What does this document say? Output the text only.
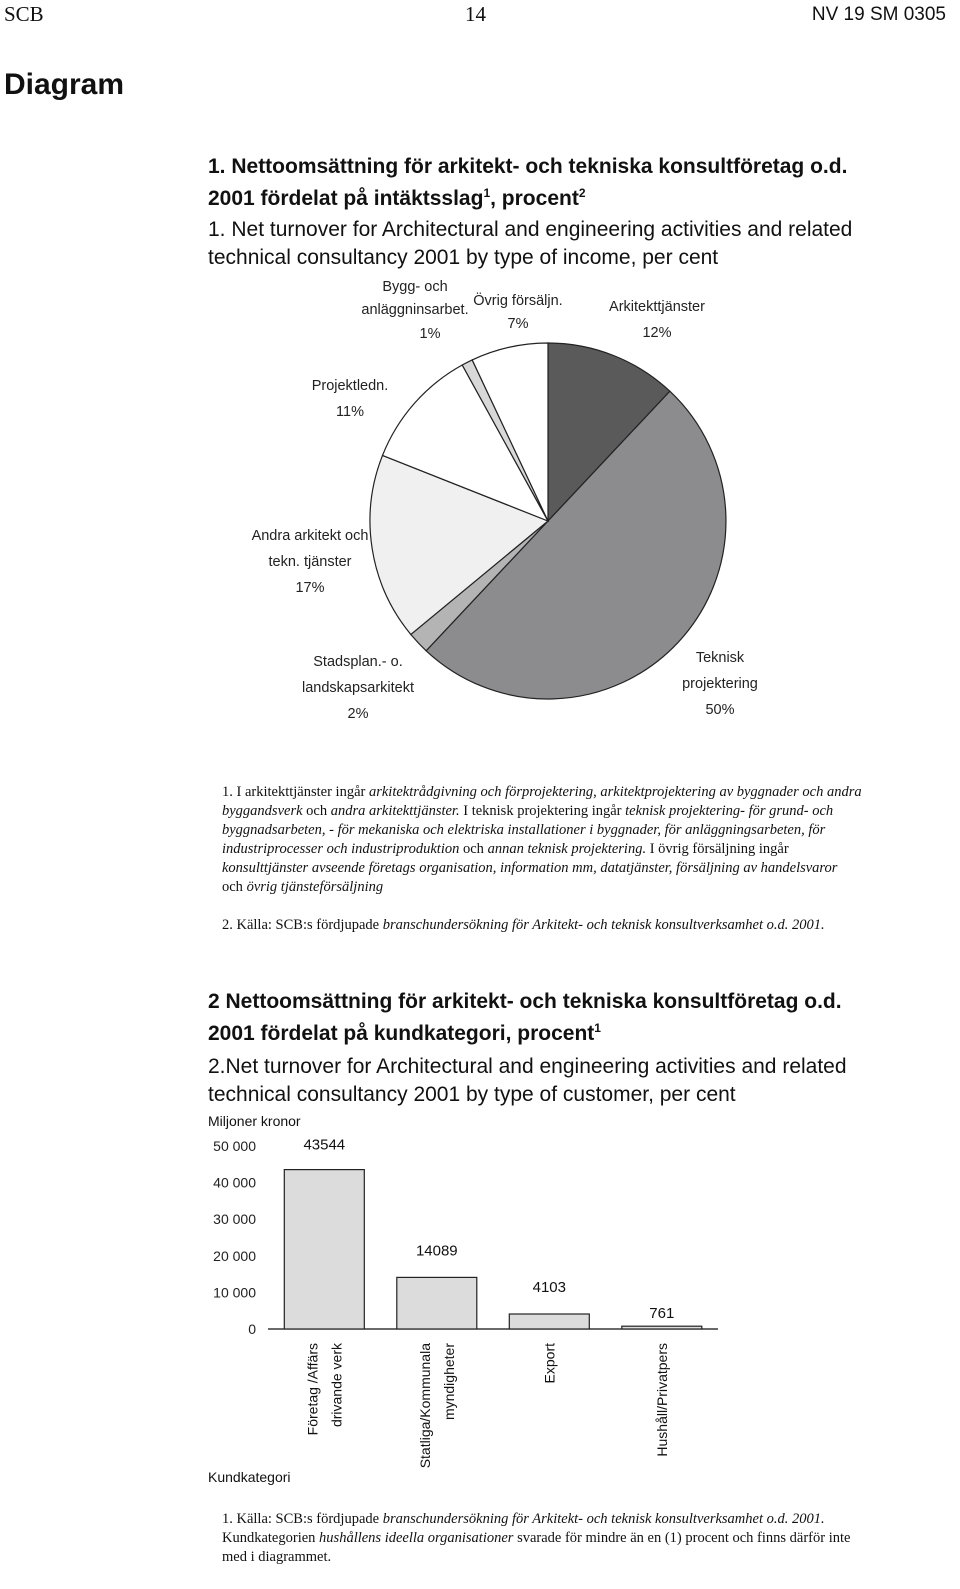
SCB	14	NV 19 SM 0305
Diagram
1. Nettoomsättning för arkitekt- och tekniska konsultföretag o.d.
2001 fördelat på intäktsslag$^1$, procent$^2$
1. Net turnover for Architectural and engineering activities and related
technical consultancy 2001 by type of income, per cent
Bygg- och
anläggninsarbet.
1%
Övrig försäljn.
7%
Arkitekttjänster
12%
Projektledn.
11%
Andra arkitekt och
tekn. tjänster
17%
Stadsplan.- o.
landskapsarkitekt
2%
Teknisk
projektering
50%
1. I arkitekttjänster ingår arkitektrådgivning och förprojektering, arkitektprojektering av byggnader och andra
byggandsverk och andra arkitekttjänster. I teknisk projektering ingår teknisk projektering- för grund- och
byggnadsarbeten, - för mekaniska och elektriska installationer i byggnader, för anläggningsarbeten, för
industriprocesser och industriproduktion och annan teknisk projektering. I övrig försäljning ingår
konsulttjänster avseende företags organisation, information mm, datatjänster, försäljning av handelsvaror
och övrig tjänsteförsäljning
2. Källa: SCB:s fördjupade branschundersökning för Arkitekt- och teknisk konsultverksamhet o.d. 2001.
2 Nettoomsättning för arkitekt- och tekniska konsultföretag o.d.
2001 fördelat på kundkategori, procent$^1$
2.Net turnover for Architectural and engineering activities and related
technical consultancy 2001 by type of customer, per cent
Miljoner kronor
0
10 000
20 000
30 000
40 000
50 000	43544
Företag /Affärs drivande verk
14089
Statliga/Kommunala myndigheter
4103
Export
761
Hushåll/Privatpers
Kundkategori
1. Källa: SCB:s fördjupade branschundersökning för Arkitekt- och teknisk konsultverksamhet o.d. 2001.
Kundkategorien hushållens ideella organisationer svarade för mindre än en (1) procent och finns därför inte
med i diagrammet.
